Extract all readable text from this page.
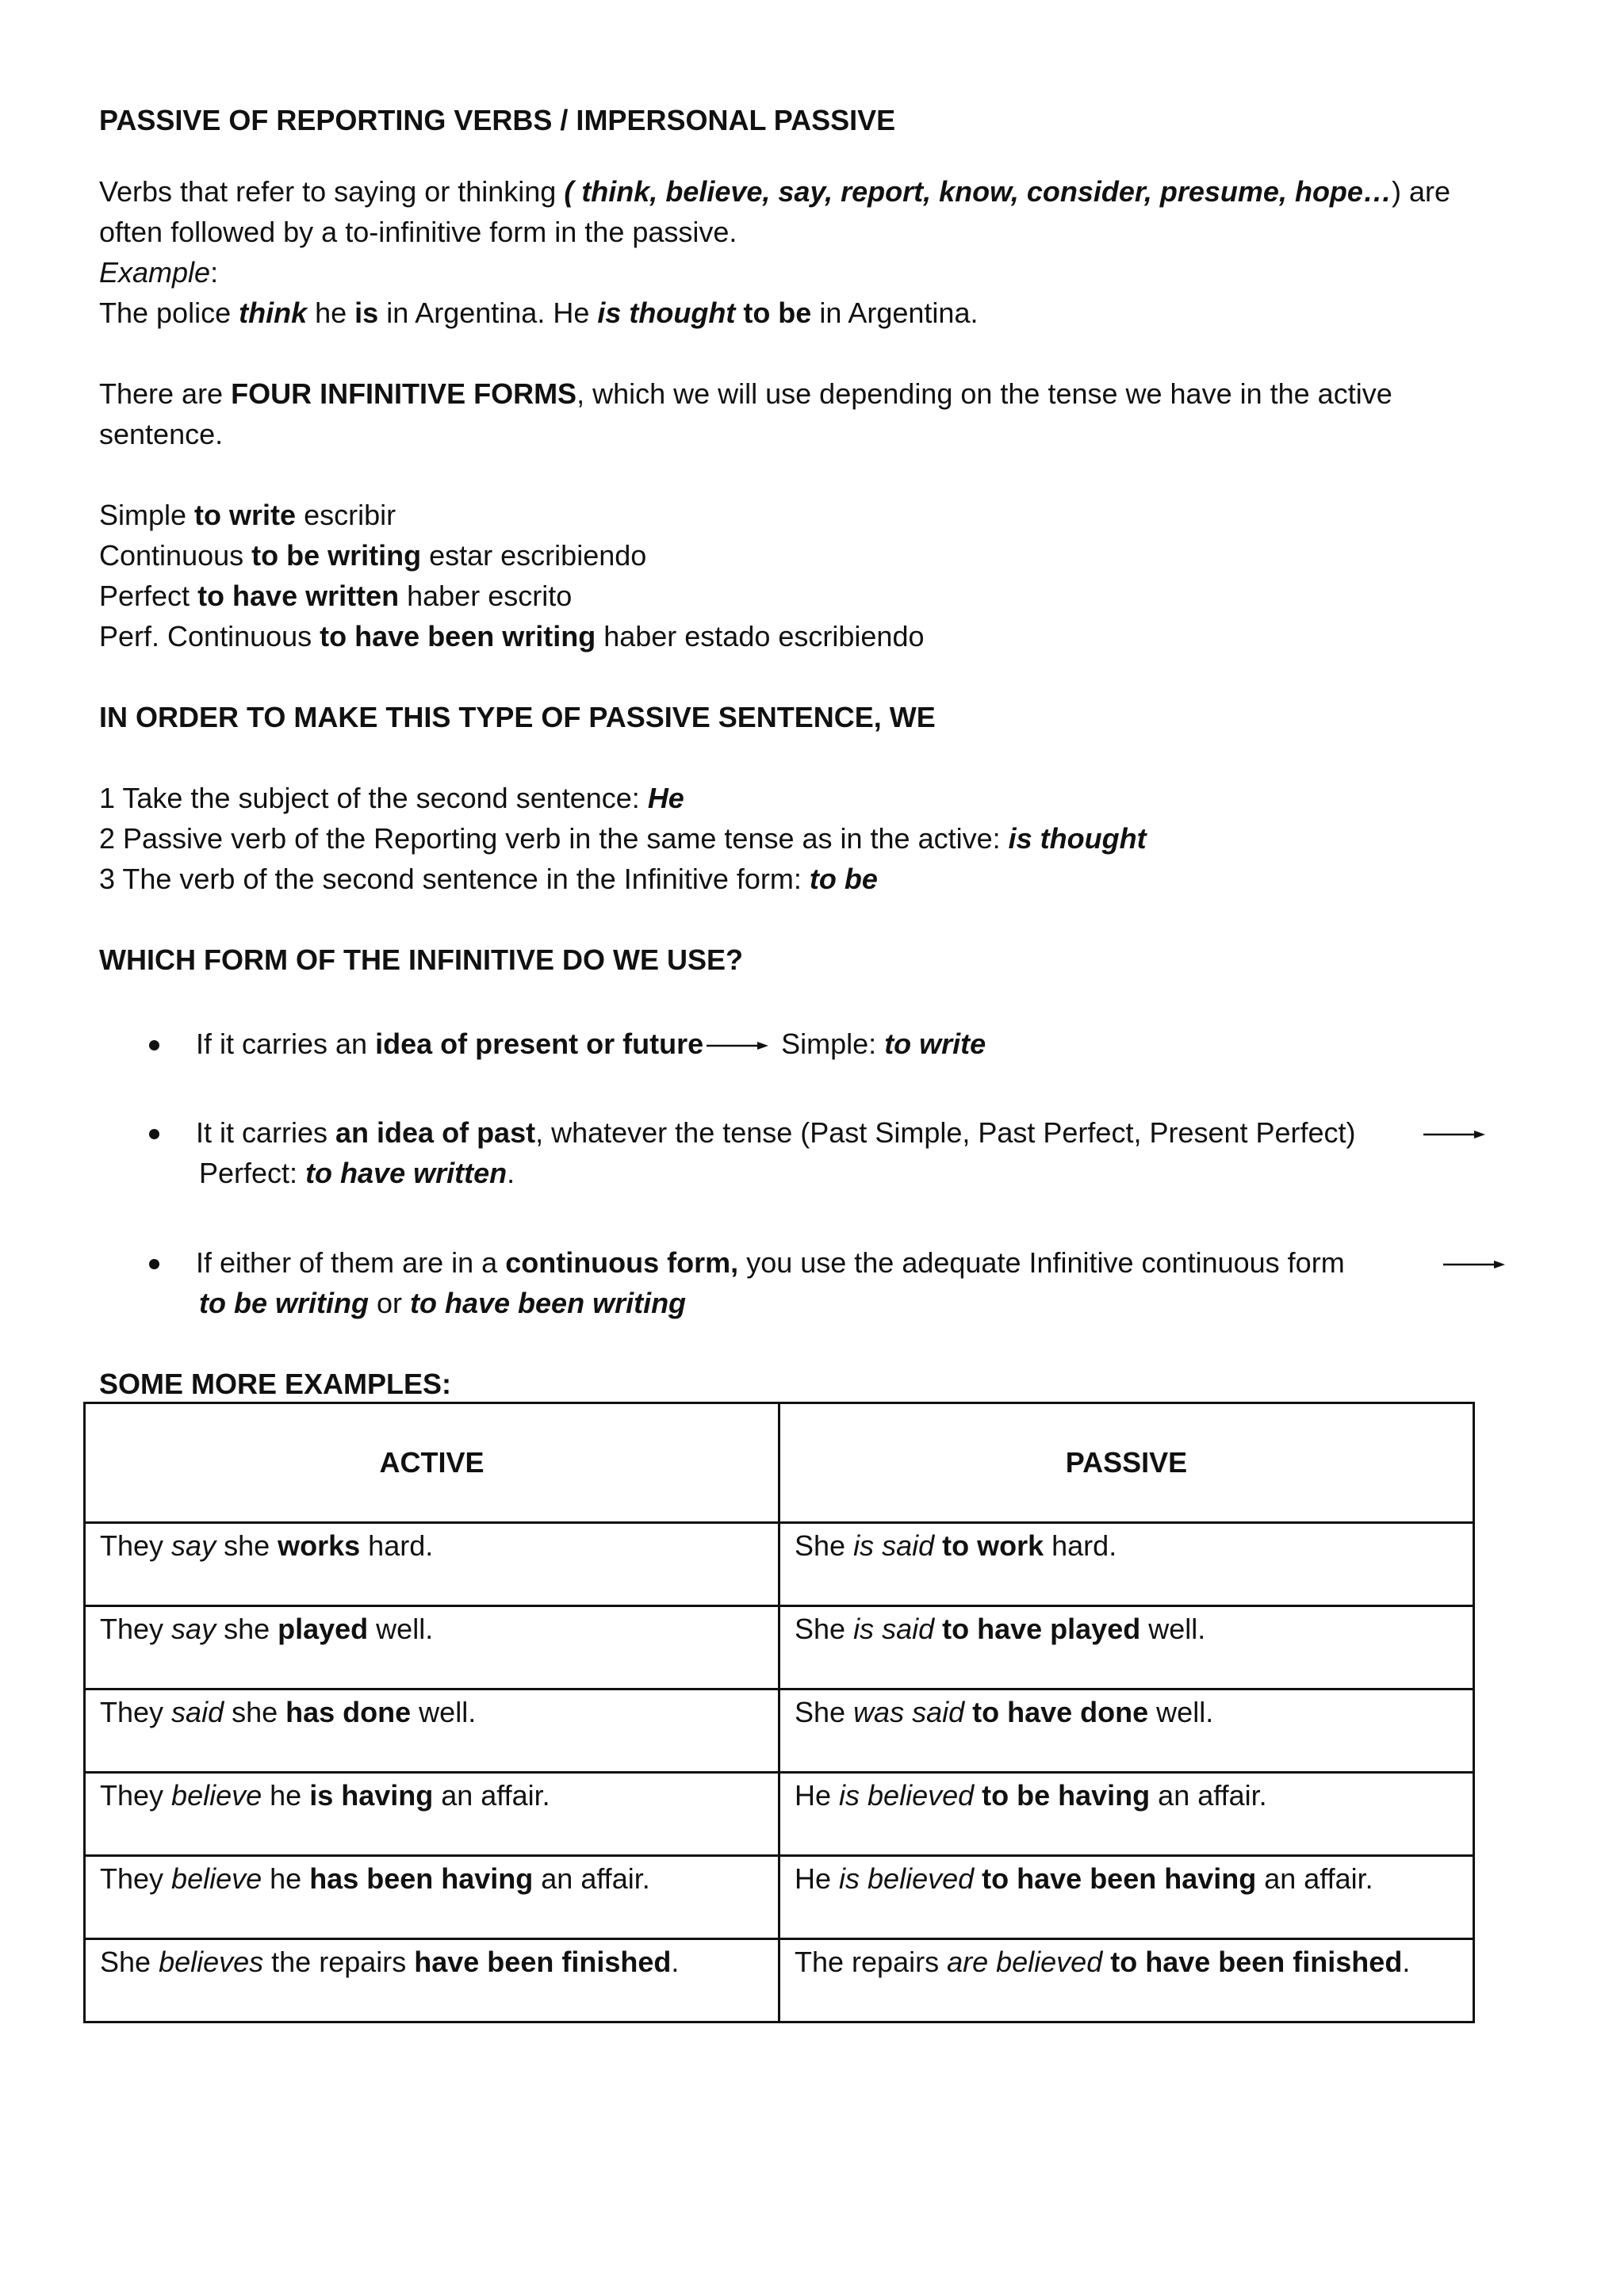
PASSIVE OF REPORTING VERBS / IMPERSONAL PASSIVE
Verbs that refer to saying or thinking ( think, believe, say, report, know, consider, presume, hope…) are
often followed by a to-infinitive form in the passive.
Example:
The police think he is in Argentina. He is thought to be in Argentina.
There are FOUR INFINITIVE FORMS, which we will use depending on the tense we have in the active
sentence.
Simple to write escribir
Continuous to be writing estar escribiendo
Perfect to have written haber escrito
Perf. Continuous to have been writing haber estado escribiendo
IN ORDER TO MAKE THIS TYPE OF PASSIVE SENTENCE, WE
1 Take the subject of the second sentence: He
2 Passive verb of the Reporting verb in the same tense as in the active: is thought
3 The verb of the second sentence in the Infinitive form: to be
WHICH FORM OF THE INFINITIVE DO WE USE?
If it carries an idea of present or future Simple: to write
It it carries an idea of past, whatever the tense (Past Simple, Past Perfect, Present Perfect)
Perfect: to have written.
If either of them are in a continuous form, you use the adequate Infinitive continuous form
to be writing or to have been writing
SOME MORE EXAMPLES:
ACTIVE	PASSIVE
They say she works hard.	She is said to work hard.
They say she played well.	She is said to have played well.
They said she has done well.	She was said to have done well.
They believe he is having an affair.	He is believed to be having an affair.
They believe he has been having an affair.	He is believed to have been having an affair.
She believes the repairs have been finished.	The repairs are believed to have been finished.
